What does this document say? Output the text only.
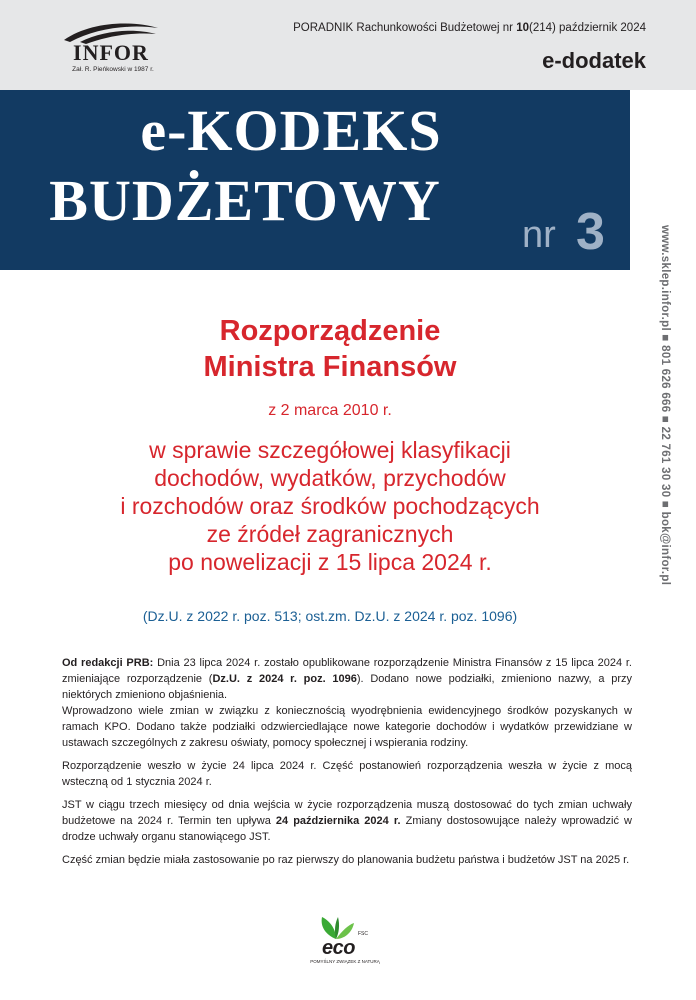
INFOR
Zał. R. Pieńkowski w 1987 r.
PORADNIK Rachunkowości Budżetowej nr 10(214) październik 2024
e-dodatek
e-KODEKS
BUDŻETOWY
nr 3	www.sklep.infor.pl ■ 801 626 666 ■ 22 761 30 30 ■ bok@infor.pl
Rozporządzenie
Ministra Finansów
z 2 marca 2010 r.
w sprawie szczegółowej klasyfikacji
dochodów, wydatków, przychodów
i rozchodów oraz środków pochodzących
ze źródeł zagranicznych
po nowelizacji z 15 lipca 2024 r.
(Dz.U. z 2022 r. poz. 513; ost.zm. Dz.U. z 2024 r. poz. 1096)

Od redakcji PRB: Dnia 23 lipca 2024 r. zostało opublikowane rozporządzenie Ministra Finansów z 15 lipca 2024 r. zmieniające rozporządzenie (Dz.U. z 2024 r. poz. 1096). Dodano nowe podziałki, zmieniono nazwy, a przy niektórych zmieniono objaśnienia.
Wprowadzono wiele zmian w związku z koniecznością wyodrębnienia ewidencyjnego środków pozyskanych w ramach KPO. Dodano także podziałki odzwierciedlające nowe kategorie dochodów i wydatków przewidziane w ustawach szczególnych z zakresu oświaty, pomocy społecznej i wspierania rodziny.

Rozporządzenie weszło w życie 24 lipca 2024 r. Część postanowień rozporządzenia weszła w życie z mocą wsteczną od 1 stycznia 2024 r.

JST w ciągu trzech miesięcy od dnia wejścia w życie rozporządzenia muszą dostosować do tych zmian uchwały budżetowe na 2024 r. Termin ten upływa 24 października 2024 r. Zmiany dostosowujące należy wprowadzić w drodze uchwały organu stanowiącego JST.

Część zmian będzie miała zastosowanie po raz pierwszy do planowania budżetu państwa i budżetów JST na 2025 r.

FSC
eco
POMYŚLNY ZWIĄZEK Z NATURĄ
